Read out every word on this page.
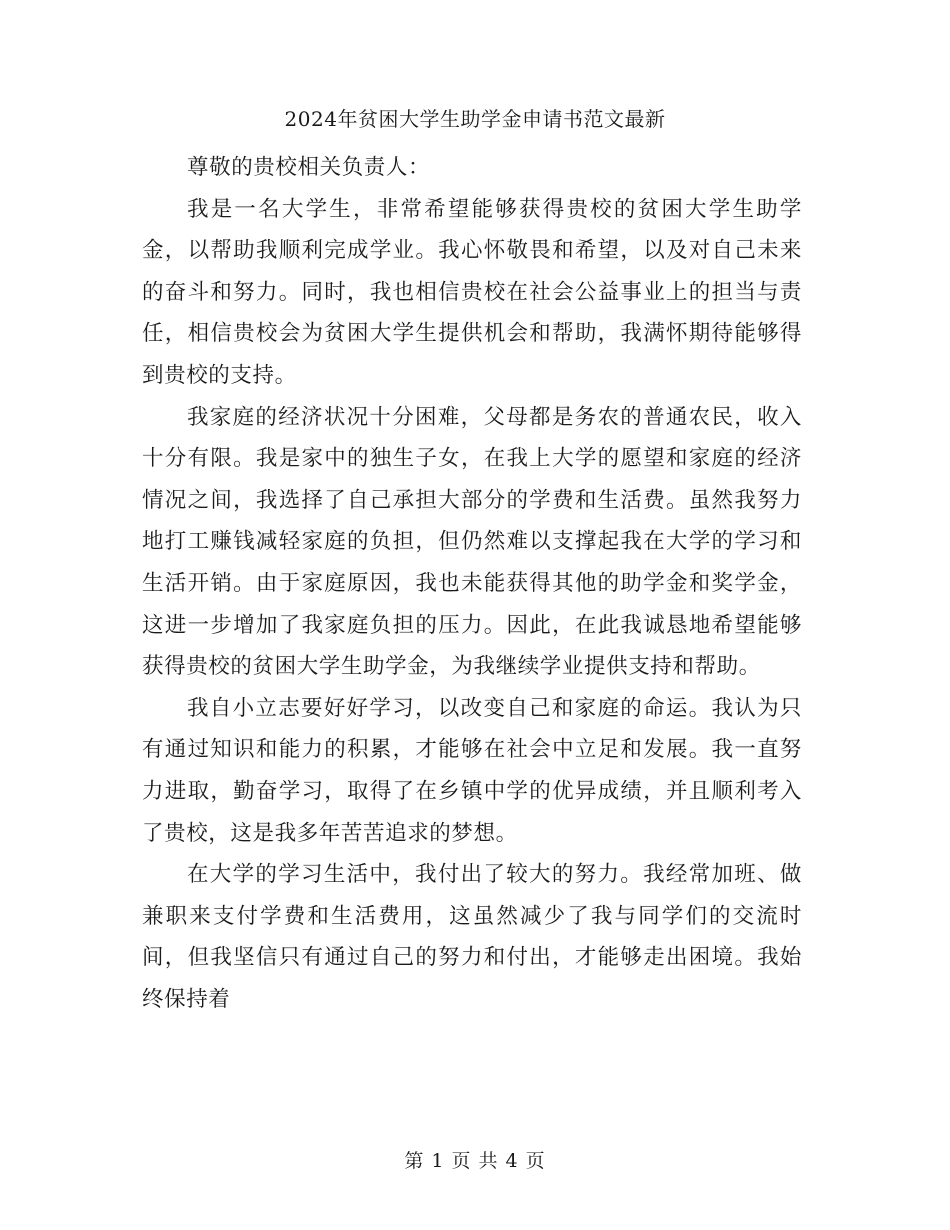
2024年贫困大学生助学金申请书范文最新

尊敬的贵校相关负责人：

我是一名大学生，非常希望能够获得贵校的贫困大学生助学金，以帮助我顺利完成学业。我心怀敬畏和希望，以及对自己未来的奋斗和努力。同时，我也相信贵校在社会公益事业上的担当与责任，相信贵校会为贫困大学生提供机会和帮助，我满怀期待能够得到贵校的支持。

我家庭的经济状况十分困难，父母都是务农的普通农民，收入十分有限。我是家中的独生子女，在我上大学的愿望和家庭的经济情况之间，我选择了自己承担大部分的学费和生活费。虽然我努力地打工赚钱减轻家庭的负担，但仍然难以支撑起我在大学的学习和生活开销。由于家庭原因，我也未能获得其他的助学金和奖学金，这进一步增加了我家庭负担的压力。因此，在此我诚恳地希望能够获得贵校的贫困大学生助学金，为我继续学业提供支持和帮助。

我自小立志要好好学习，以改变自己和家庭的命运。我认为只有通过知识和能力的积累，才能够在社会中立足和发展。我一直努力进取，勤奋学习，取得了在乡镇中学的优异成绩，并且顺利考入了贵校，这是我多年苦苦追求的梦想。

在大学的学习生活中，我付出了较大的努力。我经常加班、做兼职来支付学费和生活费用，这虽然减少了我与同学们的交流时间，但我坚信只有通过自己的努力和付出，才能够走出困境。我始终保持着

第 1 页 共 4 页
